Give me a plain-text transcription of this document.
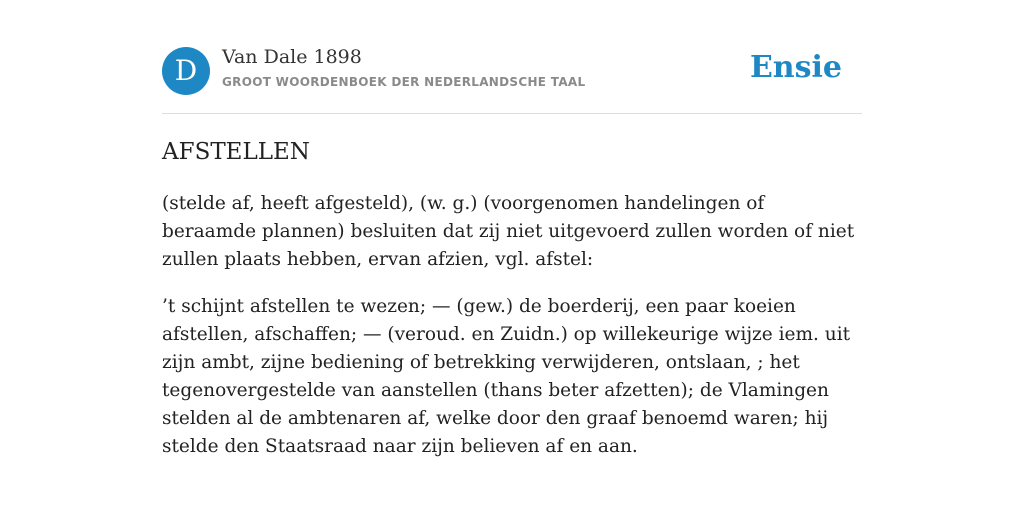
D	Van Dale 1898
GROOT WOORDENBOEK DER NEDERLANDSCHE TAAL	Ensie
AFSTELLEN

(stelde af, heeft afgesteld), (w. g.) (voorgenomen handelingen of beraamde plannen) besluiten dat zij niet uitgevoerd zullen worden of niet zullen plaats hebben, ervan afzien, vgl. afstel:

’t schijnt afstellen te wezen; — (gew.) de boerderij, een paar koeien afstellen, afschaffen; — (veroud. en Zuidn.) op willekeurige wijze iem. uit zijn ambt, zijne bediening of betrekking verwijderen, ontslaan, ; het tegenovergestelde van aanstellen (thans beter afzetten); de Vlamingen stelden al de ambtenaren af, welke door den graaf benoemd waren; hij stelde den Staatsraad naar zijn believen af en aan.
